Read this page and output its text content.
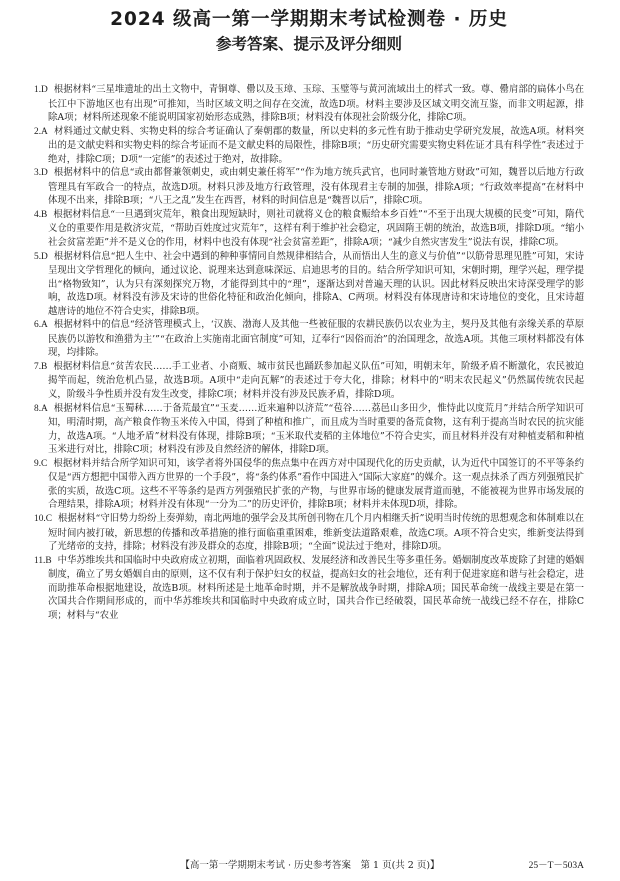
2024 级高一第一学期期末考试检测卷 · 历史
参考答案、提示及评分细则

1.D 根据材料“三星堆遗址的出土文物中，青铜尊、罍以及玉璋、玉琮、玉璧等与黄河流域出土的样式一致。尊、罍肩部的扁体小鸟在长江中下游地区也有出现”可推知，当时区域文明之间存在交流，故选D项。材料主要涉及区域文明交流互鉴，而非文明起源，排除A项；材料所述现象不能说明国家初始形态成熟，排除B项；材料没有体现社会阶级分化，排除C项。

2.A 材料通过文献史料、实物史料的综合考证确认了秦朝郡的数量，所以史料的多元性有助于推动史学研究发展，故选A项。材料突出的是文献史料和实物史料的综合考证而不是文献史料的局限性，排除B项；“历史研究需要实物史料佐证才具有科学性”表述过于绝对，排除C项；D项“一定能”的表述过于绝对，故排除。

3.D 根据材料中的信息“或由都督兼领刺史，或由刺史兼任将军”“作为地方统兵武官，也同时兼管地方财政”可知，魏晋以后地方行政管理具有军政合一的特点，故选D项。材料只涉及地方行政管理，没有体现君主专制的加强，排除A项；“行政效率提高”在材料中体现不出来，排除B项；“八王之乱”发生在西晋，材料的时间信息是“魏晋以后”，排除C项。

4.B 根据材料信息“一旦遇到灾荒年，粮食出现短缺时，则社司就将义仓的粮食赈给本乡百姓”“不至于出现大规模的民变”可知，隋代义仓的重要作用是救济灾荒，“帮助百姓度过灾荒年”，这样有利于维护社会稳定，巩固隋王朝的统治，故选B项，排除D项。“缩小社会贫富差距”并不是义仓的作用，材料中也没有体现“社会贫富差距”，排除A项；“减少自然灾害发生”说法有误，排除C项。

5.D 根据材料信息“把人生中、社会中遇到的种种事情同自然规律相结合，从而悟出人生的意义与价值”“以筋骨思理见胜”可知，宋诗呈现出文学哲理化的倾向，通过议论、说理来达到意味深远、启迪思考的目的。结合所学知识可知，宋朝时期，理学兴起，理学提出“格物致知”，认为只有深刻探究万物，才能得到其中的“理”，逐渐达到对普遍天理的认识。因此材料反映出宋诗深受理学的影响，故选D项。材料没有涉及宋诗的世俗化特征和政治化倾向，排除A、C两项。材料没有体现唐诗和宋诗地位的变化，且宋诗超越唐诗的地位不符合史实，排除B项。

6.A 根据材料中的信息“经济管理模式上，‘汉族、渤海人及其他一些被征服的农耕民族仍以农业为主，契丹及其他有亲缘关系的草原民族仍以游牧和渔猎为主’”“在政治上实施南北面官制度”可知，辽奉行“因俗而治”的治国理念，故选A项。其他三项材料都没有体现，均排除。

7.B 根据材料信息“贫苦农民……手工业者、小商贩、城市贫民也踊跃参加起义队伍”可知，明朝末年，阶级矛盾不断激化，农民被迫揭竿而起，统治危机凸显，故选B项。A项中“走向瓦解”的表述过于夸大化，排除；材料中的“明末农民起义”仍然属传统农民起义，阶级斗争性质并没有发生改变，排除C项；材料并没有涉及民族矛盾，排除D项。

8.A 根据材料信息“玉蜀秫……于备荒最宜”“玉麦……近来遍种以济荒”“苞谷……荔邑山多田少，惟恃此以度荒月”并结合所学知识可知，明清时期，高产粮食作物玉米传入中国，得到了种植和推广，而且成为当时重要的备荒食物，这有利于提高当时农民的抗灾能力，故选A项。“人地矛盾”材料没有体现，排除B项；“玉米取代麦稻的主体地位”不符合史实，而且材料并没有对种植麦稻和种植玉米进行对比，排除C项；材料没有涉及自然经济的解体，排除D项。

9.C 根据材料并结合所学知识可知，该学者将外国侵华的焦点集中在西方对中国现代化的历史贡献，认为近代中国签订的不平等条约仅是“西方想把中国带入西方世界的一个手段”，将“条约体系”看作中国进入“国际大家庭”的媒介。这一观点抹杀了西方列强殖民扩张的实质，故选C项。这些不平等条约是西方列强殖民扩张的产物，与世界市场的健康发展背道而驰，不能被视为世界市场发展的合理结果，排除A项；材料并没有体现“一分为二”的历史评价，排除B项；材料并未体现D项，排除。

10.C 根据材料“守旧势力纷纷上奏弹劾，南北两地的强学会及其所创刊物在几个月内相继夭折”说明当时传统的思想观念和体制难以在短时间内被打破，新思想的传播和改革措施的推行面临重重困难，维新变法道路艰难，故选C项。A项不符合史实，维新变法得到了光绪帝的支持，排除；材料没有涉及群众的态度，排除B项；“全面”说法过于绝对，排除D项。

11.B 中华苏维埃共和国临时中央政府成立初期，面临着巩固政权、发展经济和改善民生等多重任务。婚姻制度改革废除了封建的婚姻制度，确立了男女婚姻自由的原则，这不仅有利于保护妇女的权益，提高妇女的社会地位，还有利于促进家庭和谐与社会稳定，进而助推革命根据地建设，故选B项。材料所述是土地革命时期，并不是解放战争时期，排除A项；国民革命统一战线主要是在第一次国共合作期间形成的，而中华苏维埃共和国临时中央政府成立时，国共合作已经破裂，国民革命统一战线已经不存在，排除C项；材料与“农业

【高一第一学期期末考试 · 历史参考答案　第 1 页(共 2 页)】	25－T－503A
